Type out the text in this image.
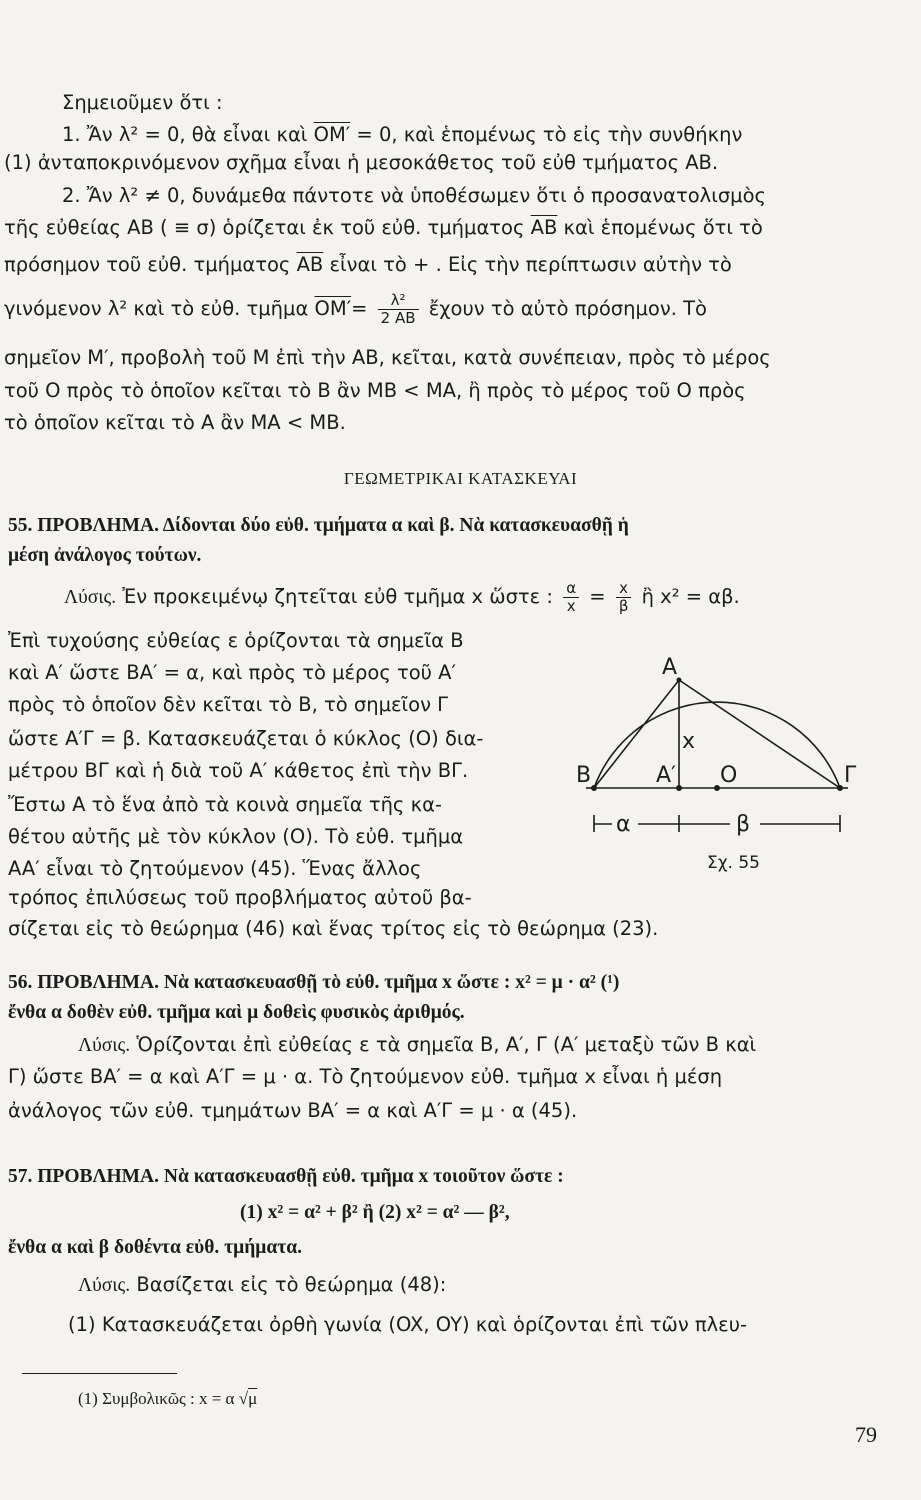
Σημειοῦμεν ὅτι :
1. Ἄν λ² = 0, θὰ εἶναι καὶ OM′ = 0, καὶ ἑπομένως τὸ εἰς τὴν συνθήκην
(1) ἀνταποκρινόμενον σχῆμα εἶναι ἡ μεσοκάθετος τοῦ εὐθ τμήματος AB.
2. Ἄν λ² ≠ 0, δυνάμεθα πάντοτε νὰ ὑποθέσωμεν ὅτι ὁ προσανατολισμὸς
τῆς εὐθείας AB ( ≡ σ) ὁρίζεται ἐκ τοῦ εὐθ. τμήματος $\overline{AB}$ καὶ ἑπομένως ὅτι τὸ
πρόσημον τοῦ εὐθ. τμήματος $\overline{AB}$ εἶναι τὸ + . Εἰς τὴν περίπτωσιν αὐτὴν τὸ
γινόμενον λ² καὶ τὸ εὐθ. τμῆμα $OM'= \frac{\text{λ²}}{2 AB}$ ἔχουν τὸ αὐτὸ πρόσημον. Τὸ
σημεῖον M′, προβολὴ τοῦ M ἐπὶ τὴν AB, κεῖται, κατὰ συνέπειαν, πρὸς τὸ μέρος
τοῦ O πρὸς τὸ ὁποῖον κεῖται τὸ B ἂν MB < MA, ἢ πρὸς τὸ μέρος τοῦ O πρὸς
τὸ ὁποῖον κεῖται τὸ A ἂν MA < MB.
ΓΕΩΜΕΤΡΙΚΑΙ ΚΑΤΑΣΚΕΥΑΙ
55. ΠΡΟΒΛΗΜΑ. Δίδονται δύο εὐθ. τμήματα α καὶ β. Νὰ κατασκευασθῇ ἡ
μέση ἀνάλογος τούτων.
Λύσις. Ἐν προκειμένῳ ζητεῖται εὐθ τμῆμα x ὥστε : $\frac{\alpha}{x} = \frac{x}{\beta}$ ἢ x² = αβ.
Ἐπὶ τυχούσης εὐθείας ε ὁρίζονται τὰ σημεῖα B
καὶ A′ ὥστε BA′ = α, καὶ πρὸς τὸ μέρος τοῦ A′
πρὸς τὸ ὁποῖον δὲν κεῖται τὸ B, τὸ σημεῖον Γ
ὥστε A′Γ = β. Κατασκευάζεται ὁ κύκλος (O) δια-
μέτρου BΓ καὶ ἡ διὰ τοῦ A′ κάθετος ἐπὶ τὴν BΓ.
Ἔστω A τὸ ἕνα ἀπὸ τὰ κοινὰ σημεῖα τῆς κα-
θέτου αὐτῆς μὲ τὸν κύκλον (O). Τὸ εὐθ. τμῆμα
AA′ εἶναι τὸ ζητούμενον (45). Ἕνας ἄλλος
τρόπος ἐπιλύσεως τοῦ προβλήματος αὐτοῦ βα-
σίζεται εἰς τὸ θεώρημα (46) καὶ ἕνας τρίτος εἰς τὸ θεώρημα (23).
A
B	A′ O	Γ
x
α	β
Σχ. 55
56. ΠΡΟΒΛΗΜΑ. Νὰ κατασκευασθῇ τὸ εὐθ. τμῆμα x ὥστε : x² = μ · α² (¹)
ἔνθα α δοθὲν εὐθ. τμῆμα καὶ μ δοθεὶς φυσικὸς ἀριθμός.
Λύσις. Ὁρίζονται ἐπὶ εὐθείας ε τὰ σημεῖα B, A′, Γ (A′ μεταξὺ τῶν B καὶ
Γ) ὥστε BA′ = α καὶ A′Γ = μ · α. Τὸ ζητούμενον εὐθ. τμῆμα x εἶναι ἡ μέση
ἀνάλογος τῶν εὐθ. τμημάτων BA′ = α καὶ A′Γ = μ · α (45).
57. ΠΡΟΒΛΗΜΑ. Νὰ κατασκευασθῇ εὐθ. τμῆμα x τοιοῦτον ὥστε :
(1) x² = α² + β² ἢ (2) x² = α² — β²,
ἔνθα α καὶ β δοθέντα εὐθ. τμήματα.
Λύσις. Βασίζεται εἰς τὸ θεώρημα (48):
(1) Κατασκευάζεται ὀρθὴ γωνία (OX, OY) καὶ ὁρίζονται ἐπὶ τῶν πλευ-
(1) Συμβολικῶς : x = α √μ
79
